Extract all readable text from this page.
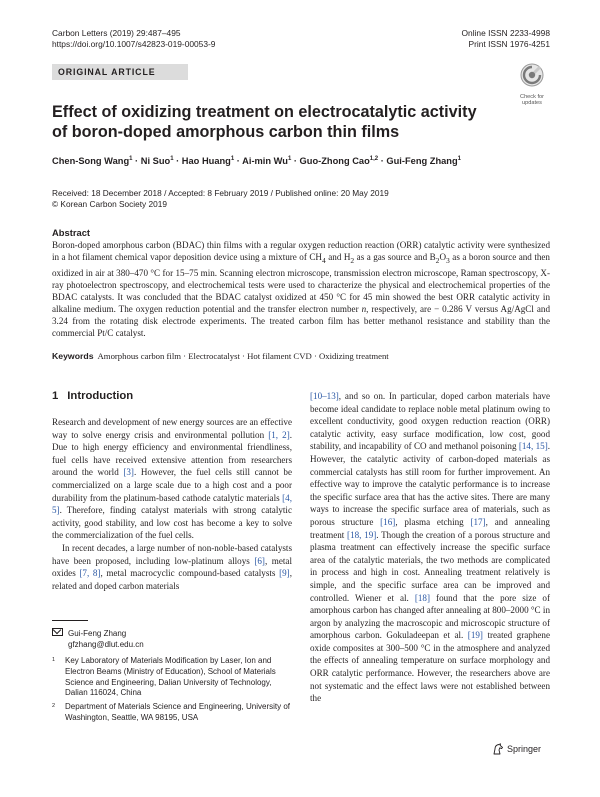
Carbon Letters (2019) 29:487–495
https://doi.org/10.1007/s42823-019-00053-9
Online ISSN 2233-4998
Print ISSN 1976-4251
ORIGINAL ARTICLE
Check for
updates
Effect of oxidizing treatment on electrocatalytic activity
of boron-doped amorphous carbon thin films
Chen-Song Wang$^1$ · Ni Suo$^1$ · Hao Huang$^1$ · Ai-min $Wu^1$ · Guo-Zhong Cao$^{1,2}$ · Gui-Feng Zhang$^1$
Received: 18 December 2018 / Accepted: 8 February 2019 / Published online: 20 May 2019
© Korean Carbon Society 2019
Abstract

Boron-doped amorphous carbon (BDAC) thin films with a regular oxygen reduction reaction (ORR) catalytic activity were synthesized in a hot filament chemical vapor deposition device using a mixture of $CH_4$ and $H_2$ as a gas source and $B_2O_3$ as a boron source and then oxidized in air at 380–470 °C for 15–75 min. Scanning electron microscope, transmission electron microscope, Raman spectroscopy, X-ray photoelectron spectroscopy, and electrochemical tests were used to characterize the physical and electrochemical properties of the BDAC catalysts. It was concluded that the BDAC catalyst oxidized at 450 °C for 45 min showed the best ORR catalytic activity in alkaline medium. The oxygen reduction potential and the transfer electron number n, respectively, are − 0.286 V versus Ag/AgCl and 3.24 from the rotating disk electrode experiments. The treated carbon film has better methanol resistance and stability than the commercial Pt/C catalyst.

Keywords Amorphous carbon film · Electrocatalyst · Hot filament CVD · Oxidizing treatment
1 Introduction

Research and development of new energy sources are an effective way to solve energy crisis and environmental pollution [1, 2]. Due to high energy efficiency and environmental friendliness, fuel cells have received extensive attention from researchers around the world [3]. However, the fuel cells still cannot be commercialized on a large scale due to a high cost and a poor durability from the platinum-based cathode catalytic materials [4, 5]. Therefore, finding catalyst materials with strong catalytic activity, good stability, and low cost has become a key to solve the commercialization of the fuel cells.

In recent decades, a large number of non-noble-based catalysts have been proposed, including low-platinum alloys [6], metal oxides [7, 8], metal macrocyclic compound-based catalysts [9], related and doped carbon materials

[10–13], and so on. In particular, doped carbon materials have become ideal candidate to replace noble metal platinum owing to excellent conductivity, good oxygen reduction reaction (ORR) catalytic activity, easy surface modification, low cost, good stability, and incapability of CO and methanol poisoning [14, 15]. However, the catalytic activity of carbon-doped materials as commercial catalysts has still room for further improvement. An effective way to improve the catalytic performance is to increase the specific surface area that has the active sites. There are many ways to increase the specific surface area of materials, such as porous structure [16], plasma etching [17], and annealing treatment [18, 19]. Though the creation of a porous structure and plasma treatment can effectively increase the specific surface area of the catalytic materials, the two methods are complicated in process and high in cost. Annealing treatment relatively is simple, and the specific surface area can be improved and controlled. Wiener et al. [18] found that the pore size of amorphous carbon has changed after annealing at 800–2000 °C in argon by analyzing the macroscopic and microscopic structure of amorphous carbon. Gokuladeepan et al. [19] treated graphene oxide composites at 300–500 °C in the atmosphere and analyzed the effects of annealing temperature on surface morphology and ORR catalytic performance. However, the researchers above are not systematic and the effect laws were not established between the

Gui-Feng Zhang
gfzhang@dlut.edu.cn
1	Key Laboratory of Materials Modification by Laser, Ion and Electron Beams (Ministry of Education), School of Materials Science and Engineering, Dalian University of Technology, Dalian 116024, China
2	Department of Materials Science and Engineering, University of Washington, Seattle, WA 98195, USA
Springer
